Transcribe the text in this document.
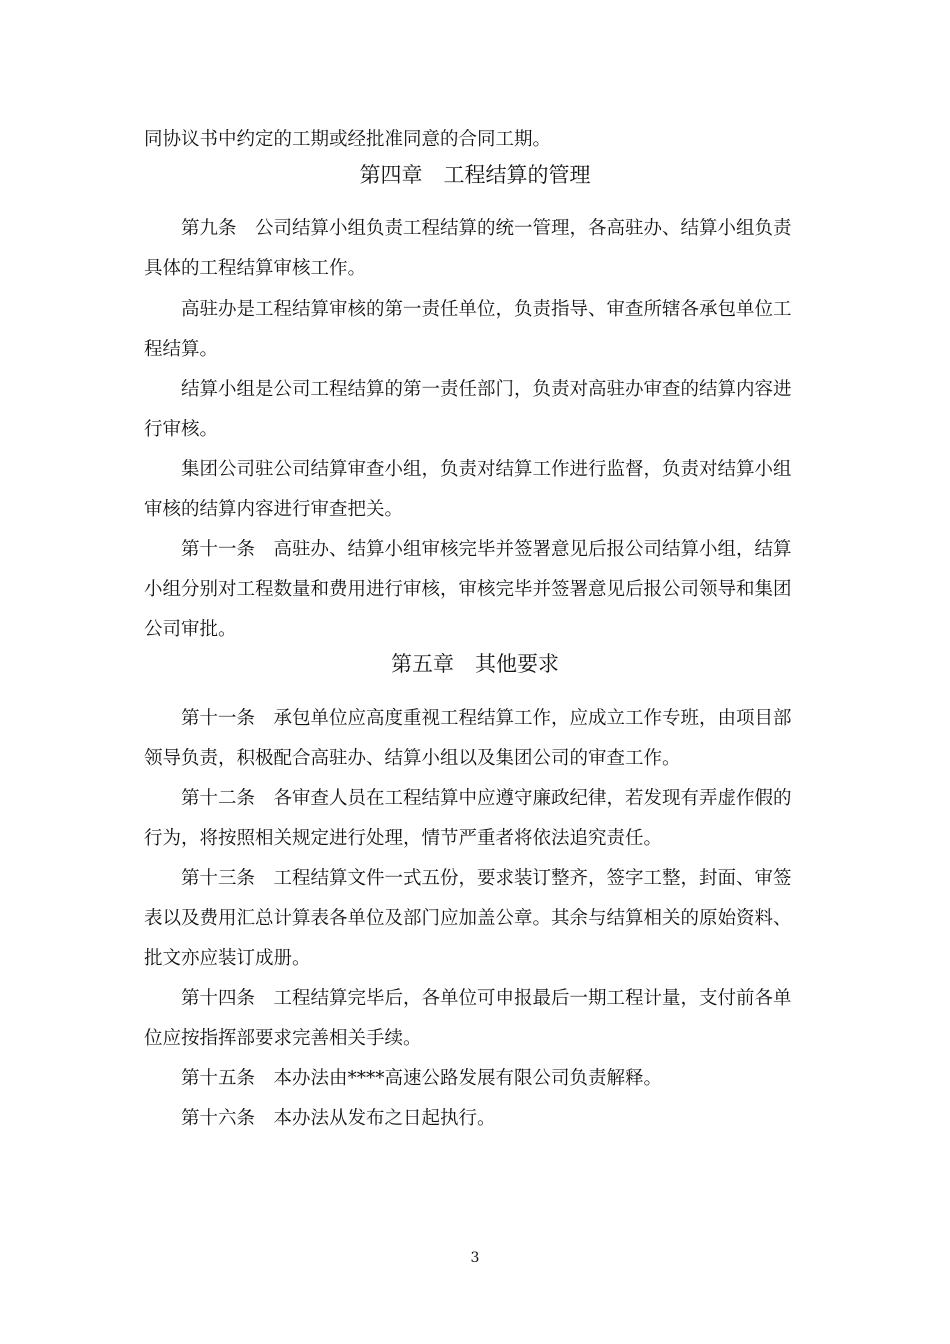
同协议书中约定的工期或经批准同意的合同工期。
第四章　工程结算的管理
第九条　公司结算小组负责工程结算的统一管理，各高驻办、结算小组负责
具体的工程结算审核工作。
高驻办是工程结算审核的第一责任单位，负责指导、审查所辖各承包单位工
程结算。
结算小组是公司工程结算的第一责任部门，负责对高驻办审查的结算内容进
行审核。
集团公司驻公司结算审查小组，负责对结算工作进行监督，负责对结算小组
审核的结算内容进行审查把关。
第十一条　高驻办、结算小组审核完毕并签署意见后报公司结算小组，结算
小组分别对工程数量和费用进行审核，审核完毕并签署意见后报公司领导和集团
公司审批。
第五章　其他要求
第十一条　承包单位应高度重视工程结算工作，应成立工作专班，由项目部
领导负责，积极配合高驻办、结算小组以及集团公司的审查工作。
第十二条　各审查人员在工程结算中应遵守廉政纪律，若发现有弄虚作假的
行为，将按照相关规定进行处理，情节严重者将依法追究责任。
第十三条　工程结算文件一式五份，要求装订整齐，签字工整，封面、审签
表以及费用汇总计算表各单位及部门应加盖公章。其余与结算相关的原始资料、
批文亦应装订成册。
第十四条　工程结算完毕后，各单位可申报最后一期工程计量，支付前各单
位应按指挥部要求完善相关手续。
第十五条　本办法由****高速公路发展有限公司负责解释。
第十六条　本办法从发布之日起执行。
3
